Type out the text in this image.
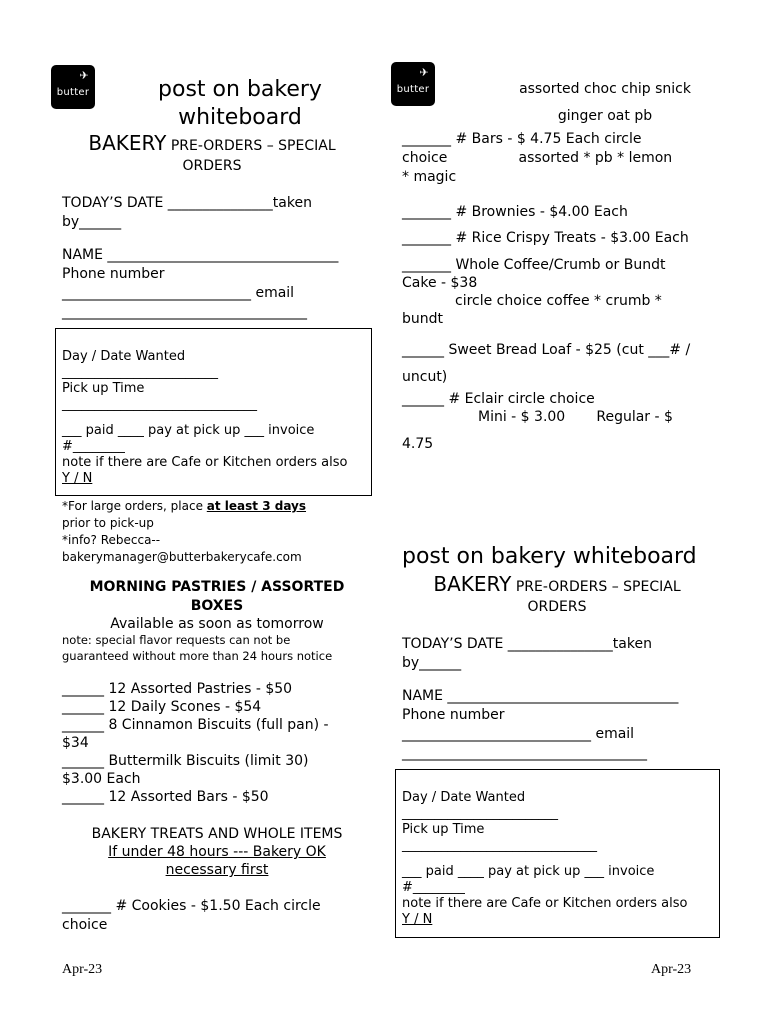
✈
butter	post on bakery
whiteboard
BAKERY PRE-ORDERS – SPECIAL
ORDERS
TODAY’S DATE _______________taken
by______
NAME _________________________________
Phone number
___________________________ email
___________________________________
Day / Date Wanted
________________________
Pick up Time
______________________________
___ paid ____ pay at pick up ___ invoice
#________
note if there are Cafe or Kitchen orders also
Y / N
*For large orders, place at least 3 days
prior to pick-up
*info? Rebecca--
bakerymanager@butterbakerycafe.com
MORNING PASTRIES / ASSORTED
BOXES
Available as soon as tomorrow
note: special flavor requests can not be
guaranteed without more than 24 hours notice
______ 12 Assorted Pastries - $50
______ 12 Daily Scones - $54
______ 8 Cinnamon Biscuits (full pan) -
$34
______ Buttermilk Biscuits (limit 30)
$3.00 Each
______ 12 Assorted Bars - $50
BAKERY TREATS AND WHOLE ITEMS
If under 48 hours --- Bakery OK
necessary first
_______ # Cookies - $1.50 Each circle
choice
Apr-23
✈
butter	assorted choc chip snick
ginger oat pb
_______ # Bars - $ 4.75 Each circle
choice                assorted * pb * lemon
* magic
_______ # Brownies - $4.00 Each
_______ # Rice Crispy Treats - $3.00 Each
_______ Whole Coffee/Crumb or Bundt
Cake - $38
circle choice coffee * crumb *
bundt
______ Sweet Bread Loaf - $25 (cut ___# /
uncut)
______ # Eclair circle choice
Mini - $ 3.00       Regular - $
4.75
post on bakery whiteboard
BAKERY PRE-ORDERS – SPECIAL
ORDERS
TODAY’S DATE _______________taken
by______
NAME _________________________________
Phone number
___________________________ email
___________________________________
Day / Date Wanted
________________________
Pick up Time
______________________________
___ paid ____ pay at pick up ___ invoice
#________
note if there are Cafe or Kitchen orders also
Y / N
Apr-23
